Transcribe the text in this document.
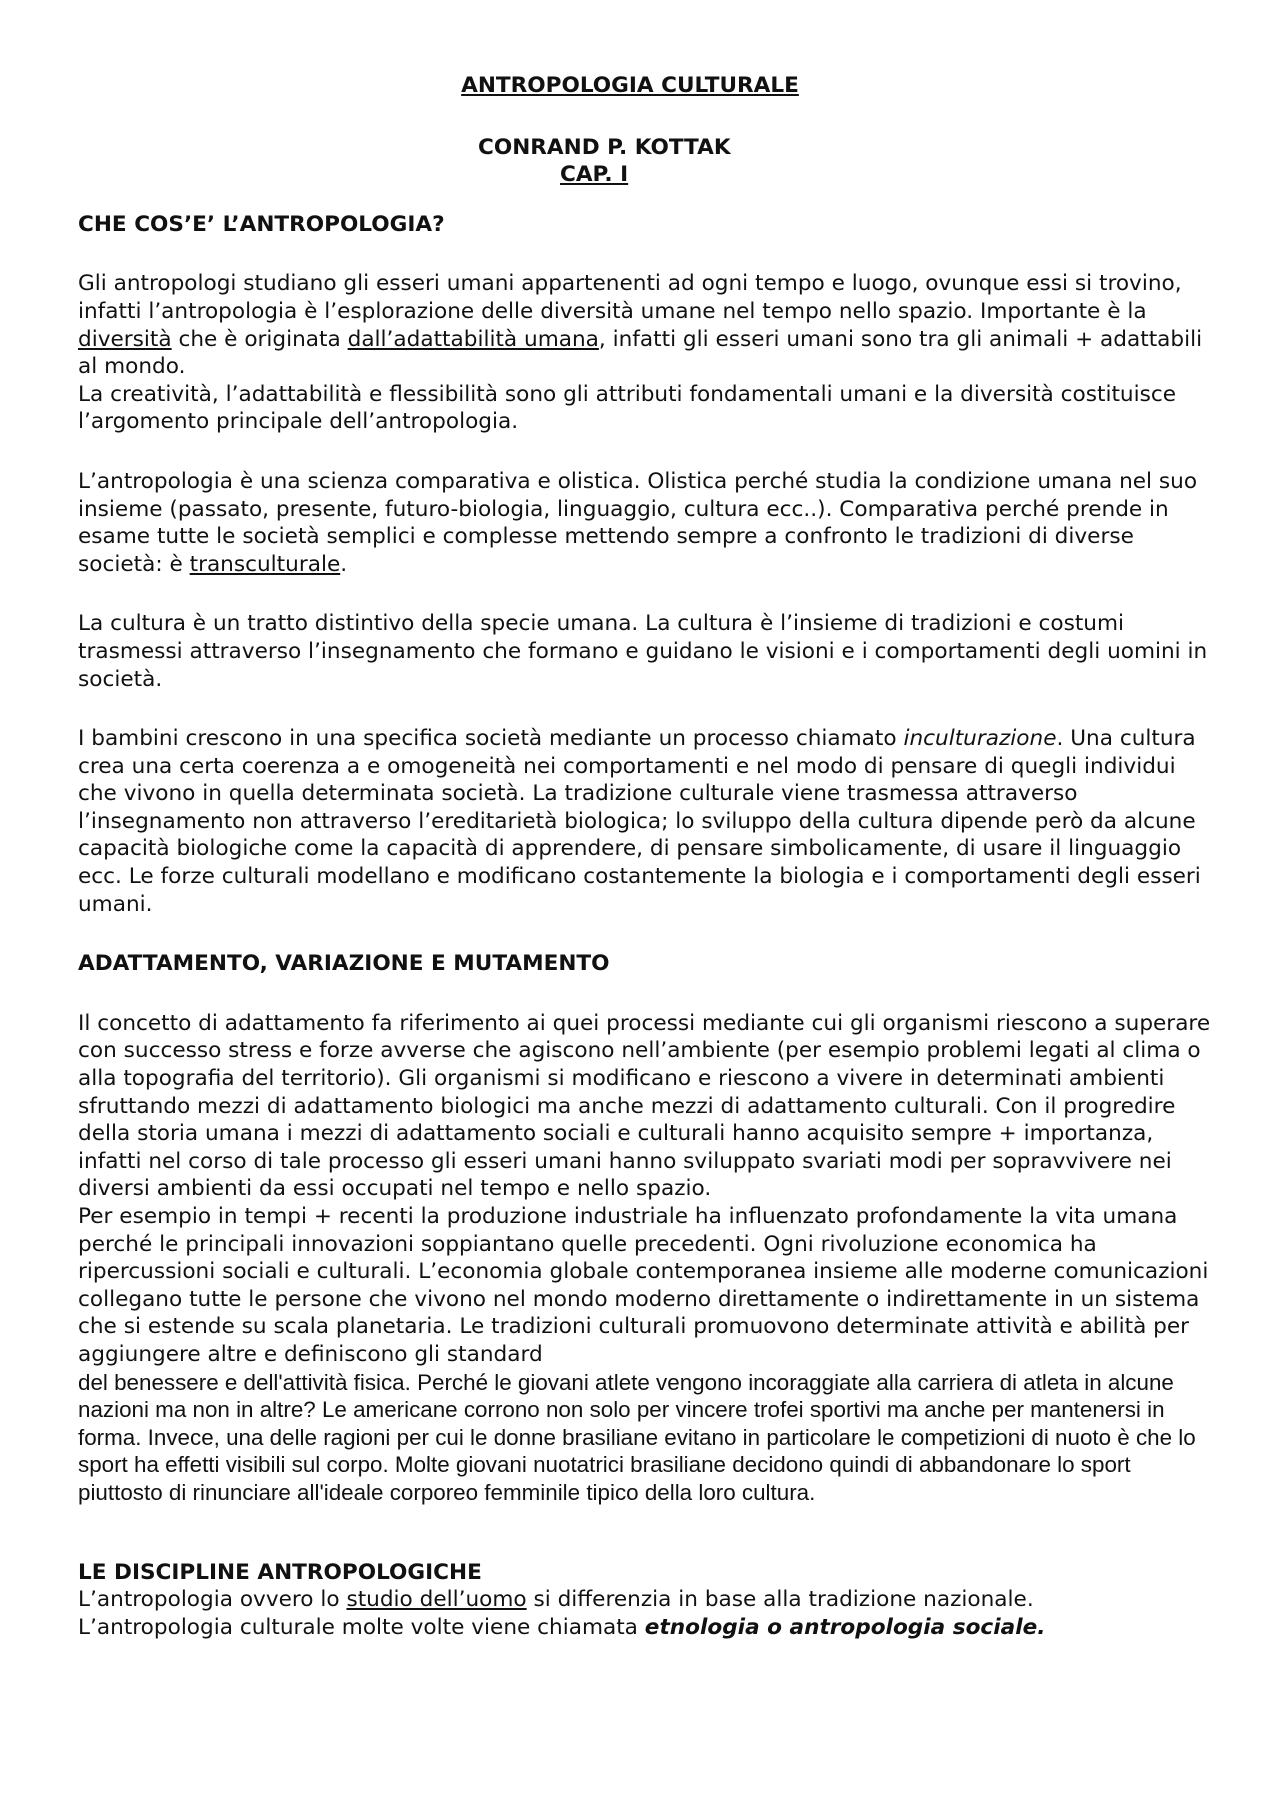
ANTROPOLOGIA CULTURALE
CONRAND P. KOTTAK
CAP. I
CHE COS’E’ L’ANTROPOLOGIA?

Gli antropologi studiano gli esseri umani appartenenti ad ogni tempo e luogo, ovunque essi si trovino, infatti l’antropologia è l’esplorazione delle diversità umane nel tempo nello spazio. Importante è la diversità che è originata dall’adattabilità umana, infatti gli esseri umani sono tra gli animali + adattabili al mondo.

La creatività, l’adattabilità e flessibilità sono gli attributi fondamentali umani e la diversità costituisce l’argomento principale dell’antropologia.

L’antropologia è una scienza comparativa e olistica. Olistica perché studia la condizione umana nel suo insieme (passato, presente, futuro-biologia, linguaggio, cultura ecc..). Comparativa perché prende in esame tutte le società semplici e complesse mettendo sempre a confronto le tradizioni di diverse società: è transculturale.

La cultura è un tratto distintivo della specie umana. La cultura è l’insieme di tradizioni e costumi trasmessi attraverso l’insegnamento che formano e guidano le visioni e i comportamenti degli uomini in società.

I bambini crescono in una specifica società mediante un processo chiamato inculturazione. Una cultura crea una certa coerenza a e omogeneità nei comportamenti e nel modo di pensare di quegli individui che vivono in quella determinata società. La tradizione culturale viene trasmessa attraverso l’insegnamento non attraverso l’ereditarietà biologica; lo sviluppo della cultura dipende però da alcune capacità biologiche come la capacità di apprendere, di pensare simbolicamente, di usare il linguaggio ecc. Le forze culturali modellano e modificano costantemente la biologia e i comportamenti degli esseri umani.

ADATTAMENTO, VARIAZIONE E MUTAMENTO

Il concetto di adattamento fa riferimento ai quei processi mediante cui gli organismi riescono a superare con successo stress e forze avverse che agiscono nell’ambiente (per esempio problemi legati al clima o alla topografia del territorio). Gli organismi si modificano e riescono a vivere in determinati ambienti sfruttando mezzi di adattamento biologici ma anche mezzi di adattamento culturali. Con il progredire della storia umana i mezzi di adattamento sociali e culturali hanno acquisito sempre + importanza, infatti nel corso di tale processo gli esseri umani hanno sviluppato svariati modi per sopravvivere nei diversi ambienti da essi occupati nel tempo e nello spazio.

Per esempio in tempi + recenti la produzione industriale ha influenzato profondamente la vita umana perché le principali innovazioni soppiantano quelle precedenti. Ogni rivoluzione economica ha ripercussioni sociali e culturali. L’economia globale contemporanea insieme alle moderne comunicazioni collegano tutte le persone che vivono nel mondo moderno direttamente o indirettamente in un sistema che si estende su scala planetaria. Le tradizioni culturali promuovono determinate attività e abilità per aggiungere altre e definiscono gli standard

del benessere e dell'attività fisica. Perché le giovani atlete vengono incoraggiate alla carriera di atleta in alcune nazioni ma non in altre? Le americane corrono non solo per vincere trofei sportivi ma anche per mantenersi in forma. Invece, una delle ragioni per cui le donne brasiliane evitano in particolare le competizioni di nuoto è che lo sport ha effetti visibili sul corpo. Molte giovani nuotatrici brasiliane decidono quindi di abbandonare lo sport piuttosto di rinunciare all'ideale corporeo femminile tipico della loro cultura.

LE DISCIPLINE ANTROPOLOGICHE

L’antropologia ovvero lo studio dell’uomo si differenzia in base alla tradizione nazionale.

L’antropologia culturale molte volte viene chiamata etnologia o antropologia sociale.
